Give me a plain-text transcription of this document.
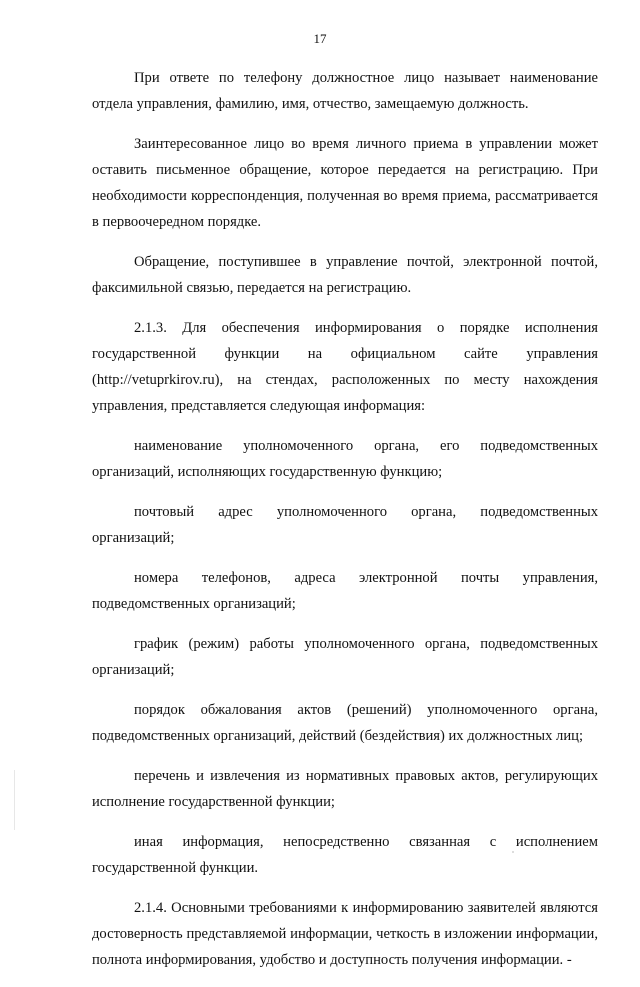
17

При ответе по телефону должностное лицо называет наименование отдела управления, фамилию, имя, отчество, замещаемую должность.

Заинтересованное лицо во время личного приема в управлении может оставить письменное обращение, которое передается на регистрацию. При необходимости корреспонденция, полученная во время приема, рассматривается в первоочередном порядке.

Обращение, поступившее в управление почтой, электронной почтой, факсимильной связью, передается на регистрацию.

2.1.3. Для обеспечения информирования о порядке исполнения государственной функции на официальном сайте управления (http://vetuprkirov.ru), на стендах, расположенных по месту нахождения управления, представляется следующая информация:

наименование уполномоченного органа, его подведомственных организаций, исполняющих государственную функцию;

почтовый адрес уполномоченного органа, подведомственных организаций;

номера телефонов, адреса электронной почты управления, подведомственных организаций;

график (режим) работы уполномоченного органа, подведомственных организаций;

порядок обжалования актов (решений) уполномоченного органа, подведомственных организаций, действий (бездействия) их должностных лиц;

перечень и извлечения из нормативных правовых актов, регулирующих исполнение государственной функции;

иная информация, непосредственно связанная с исполнением государственной функции.

2.1.4. Основными требованиями к информированию заявителей являются достоверность представляемой информации, четкость в изложении информации, полнота информирования, удобство и доступность получения информации. -
